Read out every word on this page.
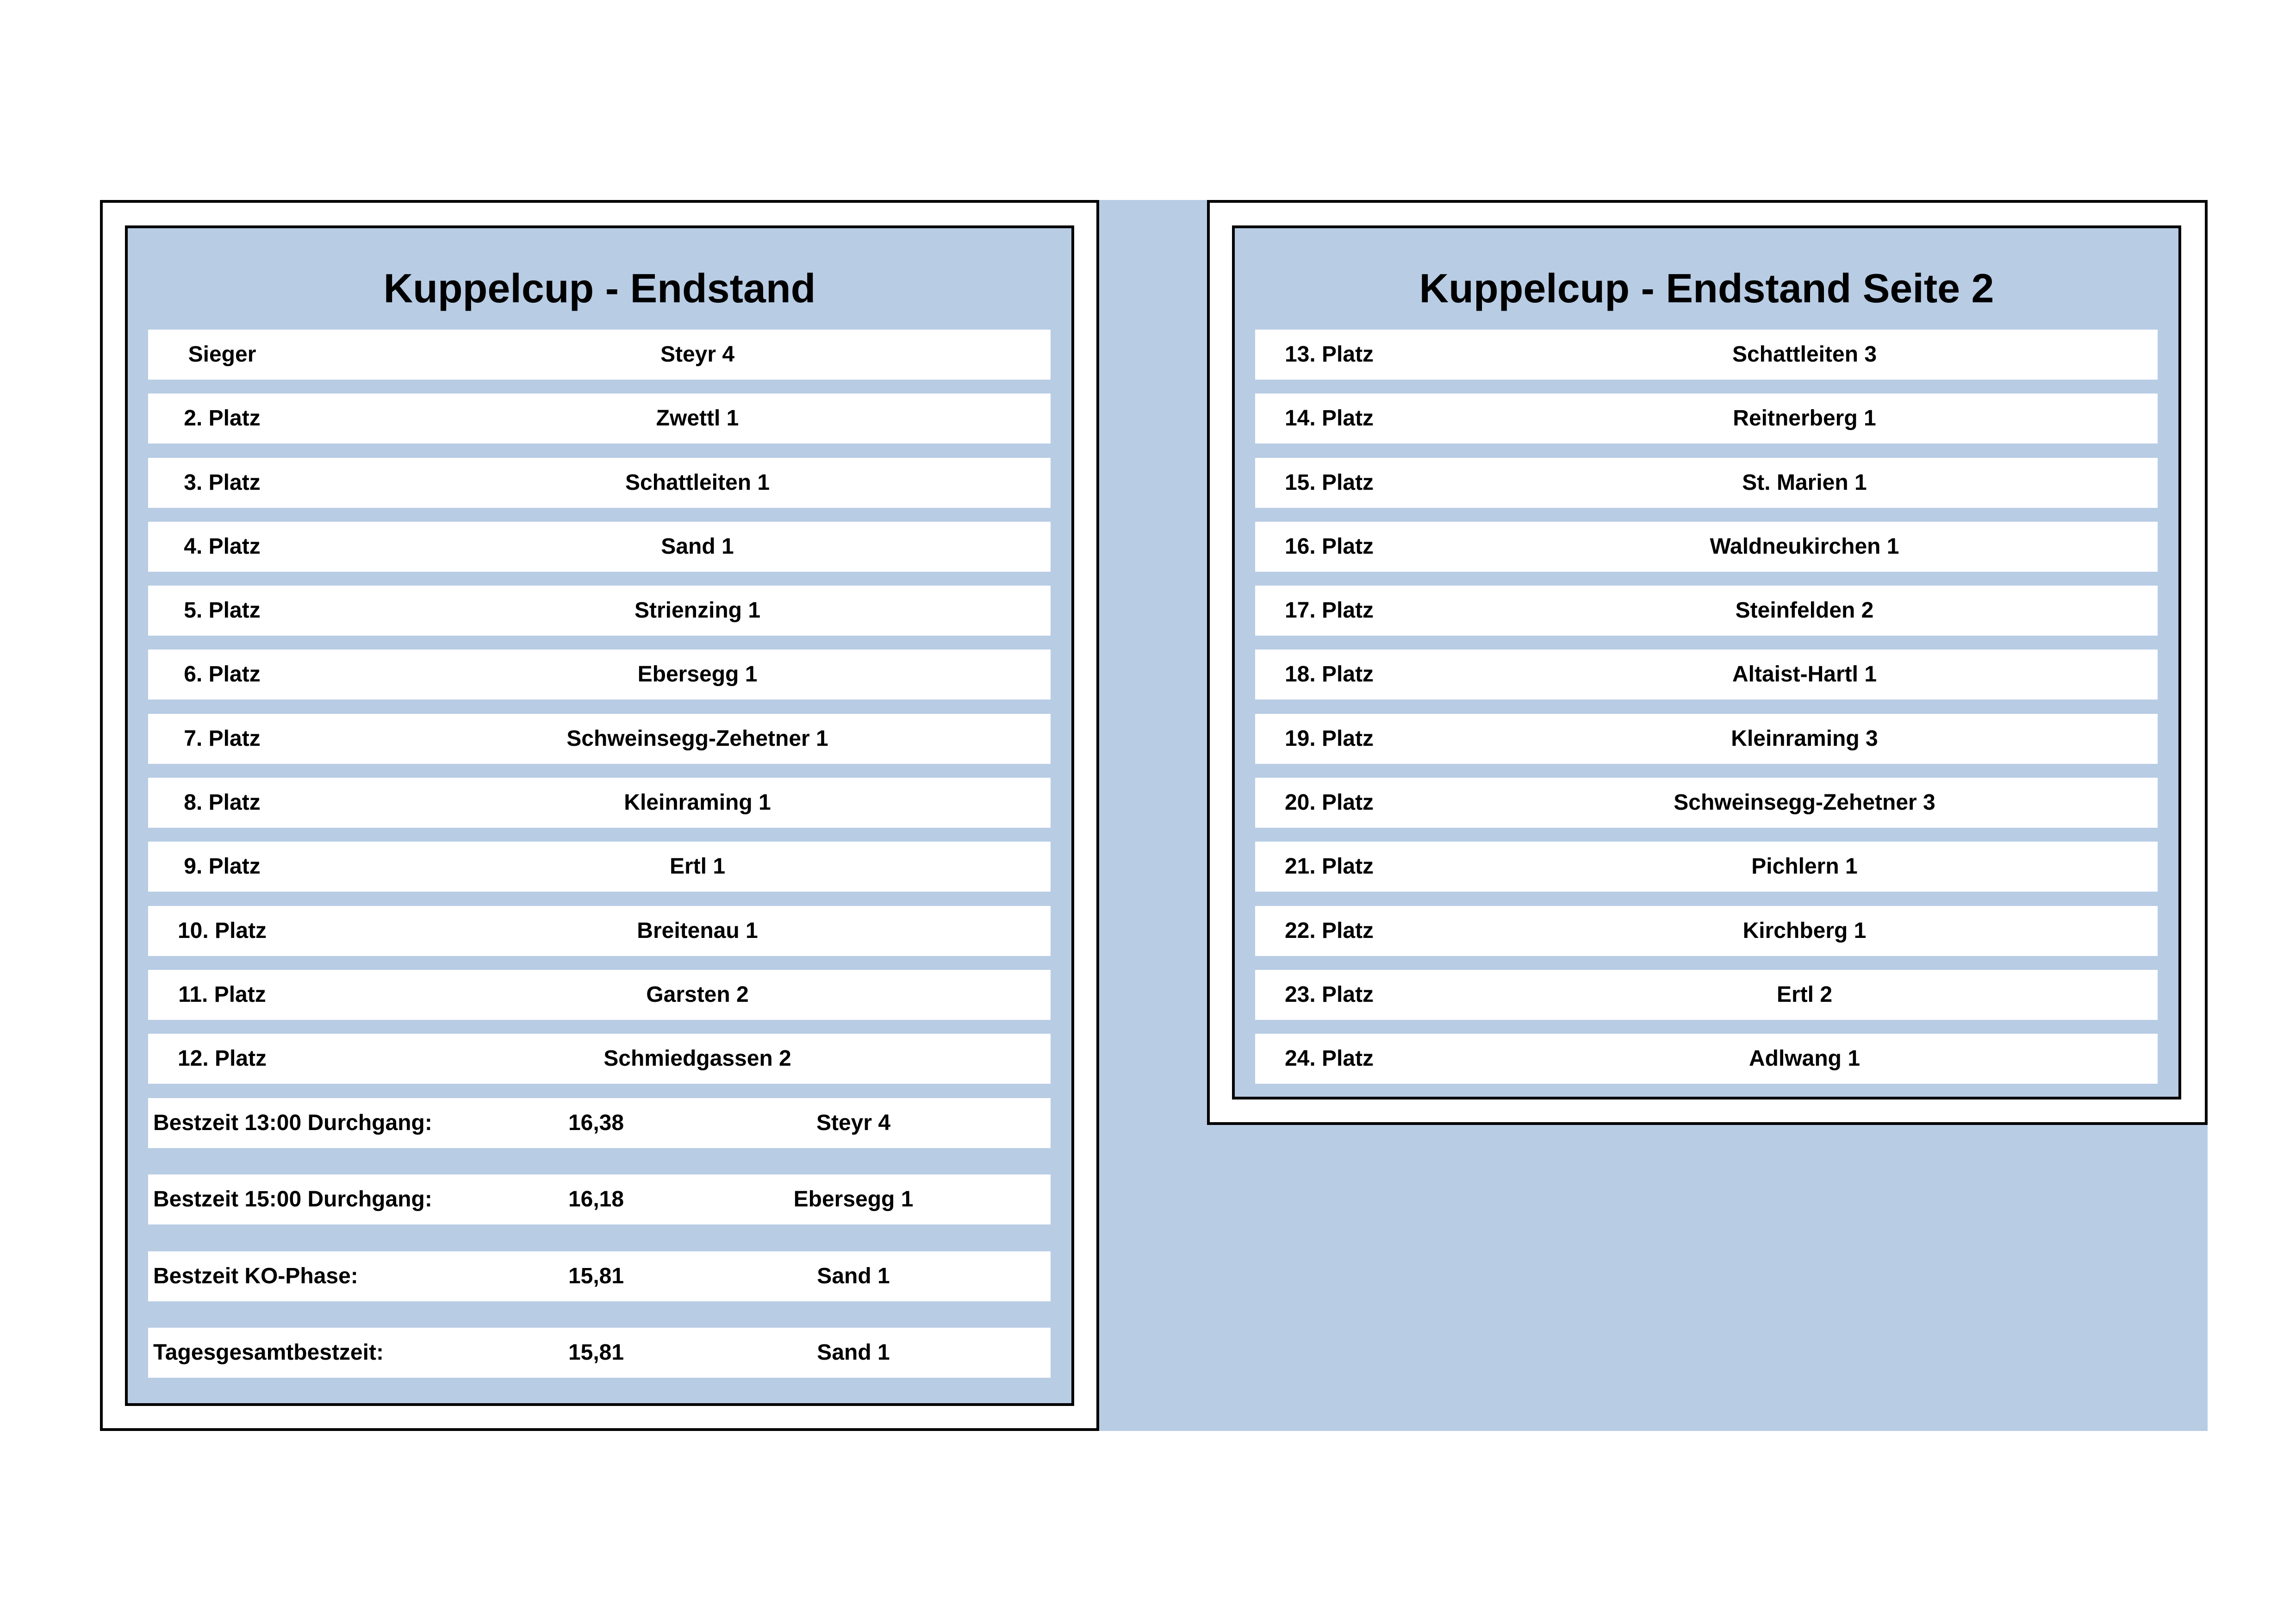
Kuppelcup - Endstand
Sieger	Steyr 4
2. Platz	Zwettl 1
3. Platz	Schattleiten 1
4. Platz	Sand 1
5. Platz	Strienzing 1
6. Platz	Ebersegg 1
7. Platz	Schweinsegg-Zehetner 1
8. Platz	Kleinraming 1
9. Platz	Ertl 1
10. Platz	Breitenau 1
11. Platz	Garsten 2
12. Platz	Schmiedgassen 2
Bestzeit 13:00 Durchgang:	16,38	Steyr 4
Bestzeit 15:00 Durchgang:	16,18	Ebersegg 1
Bestzeit KO-Phase:	15,81	Sand 1
Tagesgesamtbestzeit:	15,81	Sand 1
Kuppelcup - Endstand Seite 2
13. Platz	Schattleiten 3
14. Platz	Reitnerberg 1
15. Platz	St. Marien 1
16. Platz	Waldneukirchen 1
17. Platz	Steinfelden 2
18. Platz	Altaist-Hartl 1
19. Platz	Kleinraming 3
20. Platz	Schweinsegg-Zehetner 3
21. Platz	Pichlern 1
22. Platz	Kirchberg 1
23. Platz	Ertl 2
24. Platz	Adlwang 1
